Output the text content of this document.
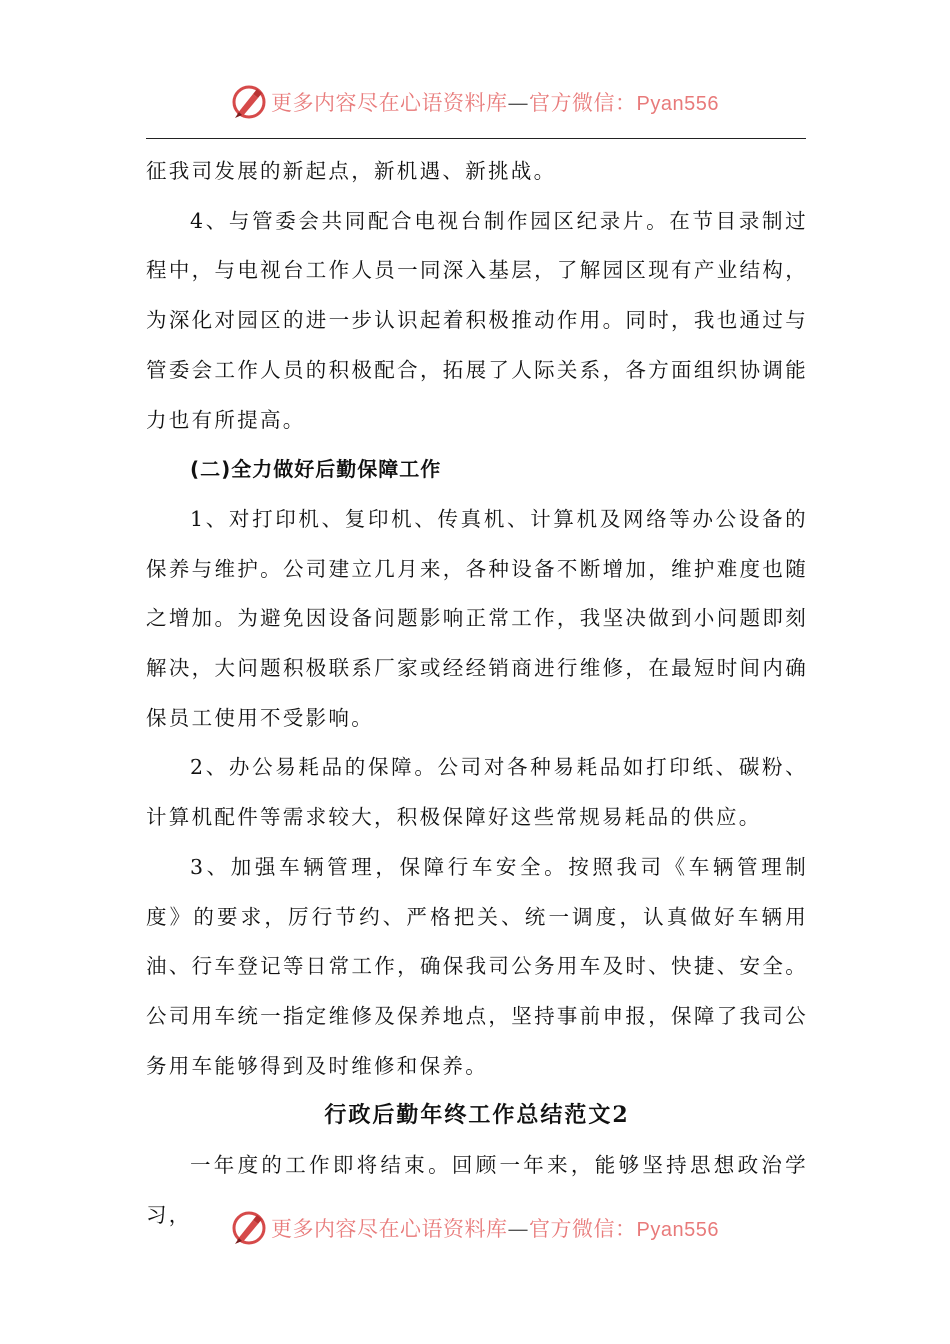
更多内容尽在心语资料库—官方微信：Pyan556

征我司发展的新起点，新机遇、新挑战。

4、与管委会共同配合电视台制作园区纪录片。在节目录制过程中，与电视台工作人员一同深入基层，了解园区现有产业结构，为深化对园区的进一步认识起着积极推动作用。同时，我也通过与管委会工作人员的积极配合，拓展了人际关系，各方面组织协调能力也有所提高。

(二)全力做好后勤保障工作

1、对打印机、复印机、传真机、计算机及网络等办公设备的保养与维护。公司建立几月来，各种设备不断增加，维护难度也随之增加。为避免因设备问题影响正常工作，我坚决做到小问题即刻解决，大问题积极联系厂家或经经销商进行维修，在最短时间内确保员工使用不受影响。

2、办公易耗品的保障。公司对各种易耗品如打印纸、碳粉、计算机配件等需求较大，积极保障好这些常规易耗品的供应。

3、加强车辆管理，保障行车安全。按照我司《车辆管理制度》的要求，厉行节约、严格把关、统一调度，认真做好车辆用油、行车登记等日常工作，确保我司公务用车及时、快捷、安全。公司用车统一指定维修及保养地点，坚持事前申报，保障了我司公务用车能够得到及时维修和保养。

行政后勤年终工作总结范文2

一年度的工作即将结束。回顾一年来，能够坚持思想政治学习，

更多内容尽在心语资料库—官方微信：Pyan556
